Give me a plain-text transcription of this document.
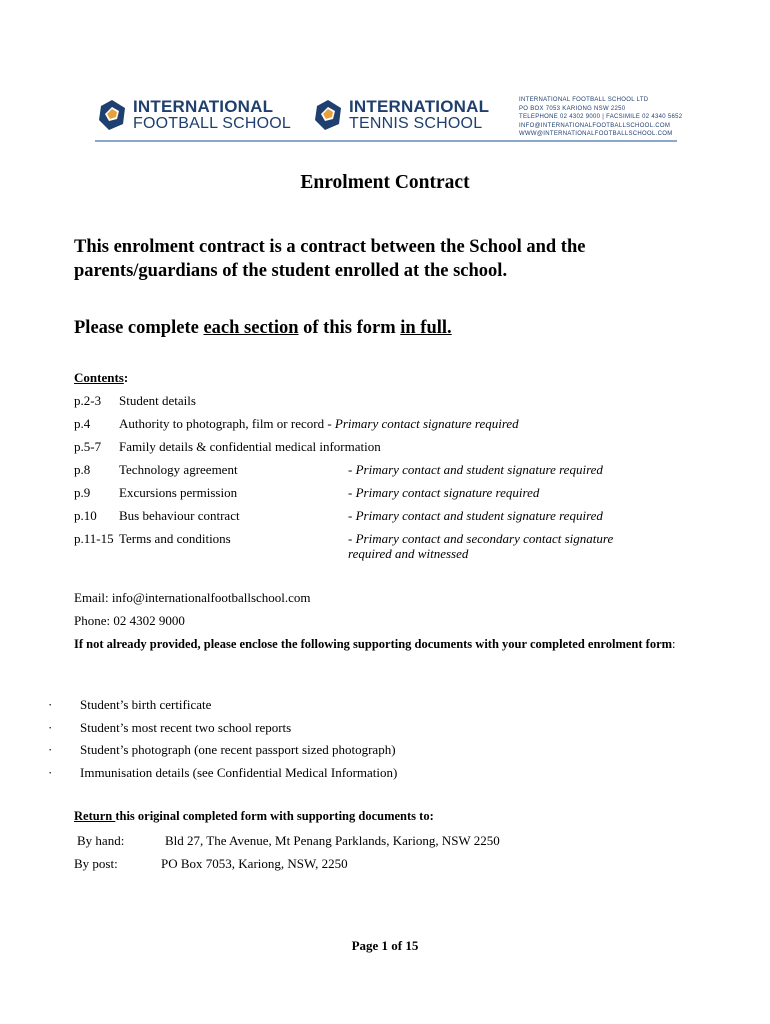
INTERNATIONAL
FOOTBALL SCHOOL
INTERNATIONAL
TENNIS SCHOOL
INTERNATIONAL FOOTBALL SCHOOL LTD
PO BOX 7053 KARIONG NSW 2250
TELEPHONE 02 4302 9000 | FACSIMILE 02 4340 5652
INFO@INTERNATIONALFOOTBALLSCHOOL.COM
WWW@INTERNATIONALFOOTBALLSCHOOL.COM
Enrolment Contract
This enrolment contract is a contract between the School and the parents/guardians of the student enrolled at the school.
Please complete each section of this form in full.
Contents:
p.2-3 Student details
p.4 Authority to photograph, film or record - Primary contact signature required
p.5-7 Family details & confidential medical information
p.8 Technology agreement	- Primary contact and student signature required
p.9 Excursions permission	- Primary contact signature required
p.10 Bus behaviour contract	- Primary contact and student signature required
p.11-15 Terms and conditions	- Primary contact and secondary contact signature
required and witnessed
Email: info@internationalfootballschool.com
Phone: 02 4302 9000
If not already provided, please enclose the following supporting documents with your completed enrolment form:
· Student’s birth certificate
· Student’s most recent two school reports
· Student’s photograph (one recent passport sized photograph)
· Immunisation details (see Confidential Medical Information)
Return this original completed form with supporting documents to:
By hand:	Bld 27, The Avenue, Mt Penang Parklands, Kariong, NSW 2250
By post:	PO Box 7053, Kariong, NSW, 2250
Page 1 of 15
